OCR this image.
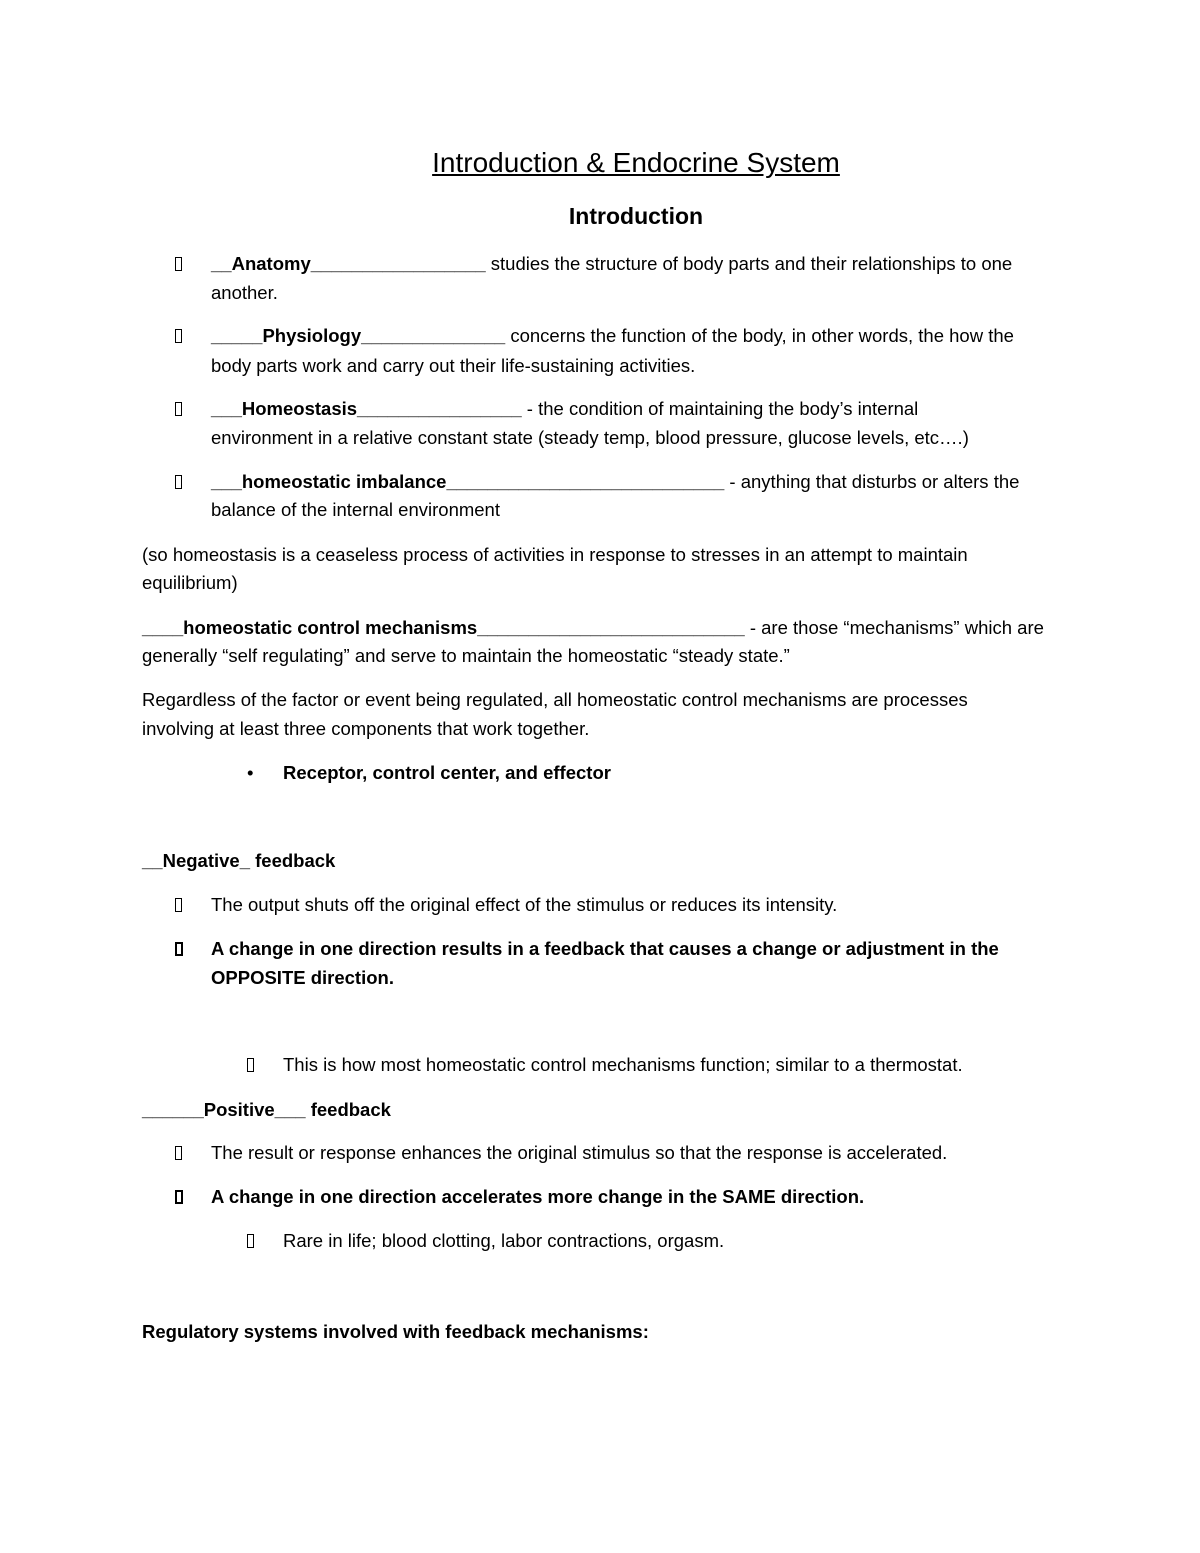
Introduction & Endocrine System
Introduction
__Anatomy_________________ studies the structure of body parts and their relationships to one
another.
_____Physiology______________ concerns the function of the body, in other words, the how the
body parts work and carry out their life-sustaining activities.
___Homeostasis________________ - the condition of maintaining the body’s internal
environment in a relative constant state (steady temp, blood pressure, glucose levels, etc….)
___homeostatic imbalance___________________________ - anything that disturbs or alters the
balance of the internal environment
(so homeostasis is a ceaseless process of activities in response to stresses in an attempt to maintain
equilibrium)
____homeostatic control mechanisms__________________________ - are those “mechanisms” which are
generally “self regulating” and serve to maintain the homeostatic “steady state.”
Regardless of the factor or event being regulated, all homeostatic control mechanisms are processes
involving at least three components that work together.
• Receptor, control center, and effector
__Negative_ feedback
The output shuts off the original effect of the stimulus or reduces its intensity.
A change in one direction results in a feedback that causes a change or adjustment in the
OPPOSITE direction.
This is how most homeostatic control mechanisms function; similar to a thermostat.
______Positive___ feedback
The result or response enhances the original stimulus so that the response is accelerated.
A change in one direction accelerates more change in the SAME direction.
Rare in life; blood clotting, labor contractions, orgasm.
Regulatory systems involved with feedback mechanisms:
